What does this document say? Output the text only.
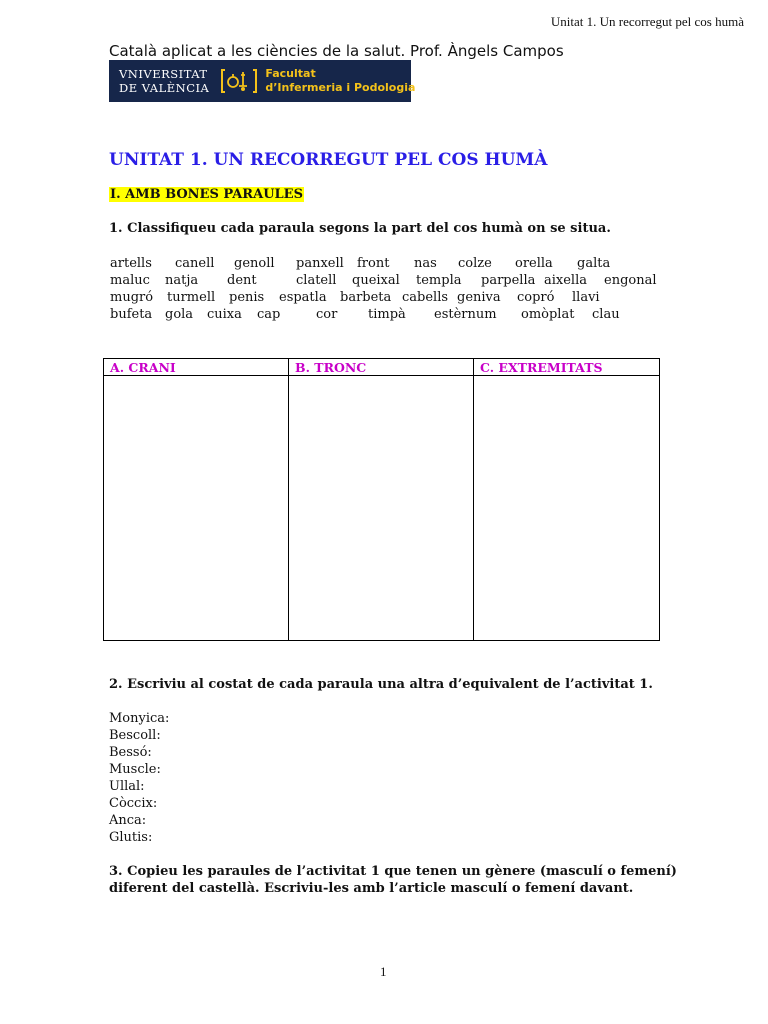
Unitat 1. Un recorregut pel cos humà
Català aplicat a les ciències de la salut. Prof. Àngels Campos
VNIVERSITAT
DE VALÈNCIA
Facultat
d’Infermeria i Podologia
UNITAT 1. UN RECORREGUT PEL COS HUMÀ
I. AMB BONES PARAULES
1. Classifiqueu cada paraula segons la part del cos humà on se situa.
artells canell genoll panxell front nas colze orella galta
maluc natja dent	clatell queixal templa parpella aixella engonal
mugró turmell penis espatla barbeta cabells geniva copró llavi
bufeta gola cuixa cap	cor timpà estèrnum omòplat clau
A. CRANI	B. TRONC	C. EXTREMITATS

2. Escriviu al costat de cada paraula una altra d’equivalent de l’activitat 1.
Monyica:
Bescoll:
Bessó:
Muscle:
Ullal:
Còccix:
Anca:
Glutis:
3. Copieu les paraules de l’activitat 1 que tenen un gènere (masculí o femení)
diferent del castellà. Escriviu-les amb l’article masculí o femení davant.
1
